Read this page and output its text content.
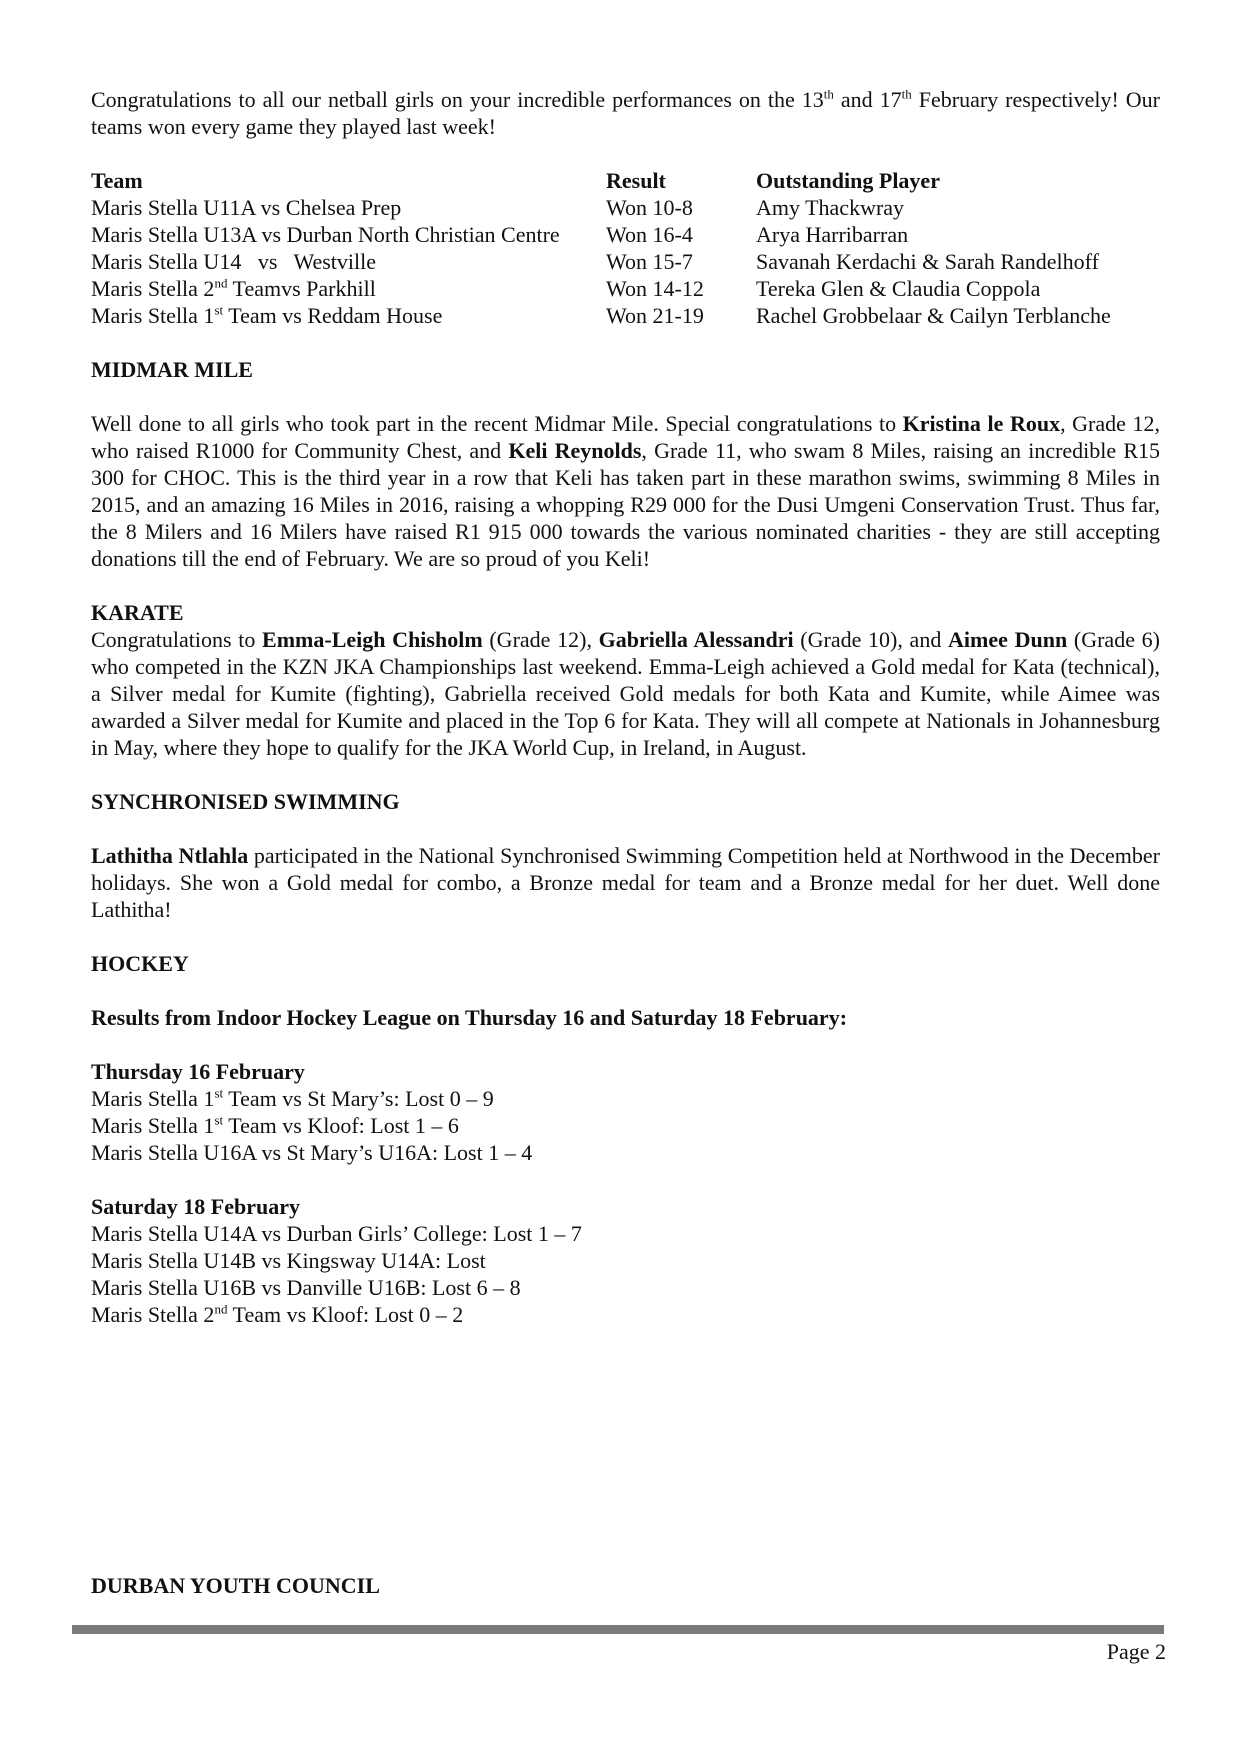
Congratulations to all our netball girls on your incredible performances on the 13th and 17th February respectively! Our teams won every game they played last week!

Team	Result	Outstanding Player
Maris Stella U11A vs Chelsea Prep	Won 10-8	Amy Thackwray
Maris Stella U13A vs Durban North Christian Centre	Won 16-4	Arya Harribarran
Maris Stella U14   vs   Westville	Won 15-7	Savanah Kerdachi & Sarah Randelhoff
Maris Stella 2nd Teamvs Parkhill	Won 14-12	Tereka Glen & Claudia Coppola
Maris Stella 1st Team vs Reddam House	Won 21-19	Rachel Grobbelaar & Cailyn Terblanche

MIDMAR MILE

Well done to all girls who took part in the recent Midmar Mile. Special congratulations to Kristina le Roux, Grade 12, who raised R1000 for Community Chest, and Keli Reynolds, Grade 11, who swam 8 Miles, raising an incredible R15 300 for CHOC. This is the third year in a row that Keli has taken part in these marathon swims, swimming 8 Miles in 2015, and an amazing 16 Miles in 2016, raising a whopping R29 000 for the Dusi Umgeni Conservation Trust. Thus far, the 8 Milers and 16 Milers have raised R1 915 000 towards the various nominated charities - they are still accepting donations till the end of February. We are so proud of you Keli!

KARATE

Congratulations to Emma-Leigh Chisholm (Grade 12), Gabriella Alessandri (Grade 10), and Aimee Dunn (Grade 6) who competed in the KZN JKA Championships last weekend. Emma-Leigh achieved a Gold medal for Kata (technical), a Silver medal for Kumite (fighting), Gabriella received Gold medals for both Kata and Kumite, while Aimee was awarded a Silver medal for Kumite and placed in the Top 6 for Kata. They will all compete at Nationals in Johannesburg in May, where they hope to qualify for the JKA World Cup, in Ireland, in August.

SYNCHRONISED SWIMMING

Lathitha Ntlahla participated in the National Synchronised Swimming Competition held at Northwood in the December holidays. She won a Gold medal for combo, a Bronze medal for team and a Bronze medal for her duet. Well done Lathitha!

HOCKEY

Results from Indoor Hockey League on Thursday 16 and Saturday 18 February:

Thursday 16 February

Maris Stella 1st Team vs St Mary’s: Lost 0 – 9

Maris Stella 1st Team vs Kloof: Lost 1 – 6

Maris Stella U16A vs St Mary’s U16A: Lost 1 – 4

Saturday 18 February

Maris Stella U14A vs Durban Girls’ College: Lost 1 – 7

Maris Stella U14B vs Kingsway U14A: Lost

Maris Stella U16B vs Danville U16B: Lost 6 – 8

Maris Stella 2nd Team vs Kloof: Lost 0 – 2

DURBAN YOUTH COUNCIL

Page 2
